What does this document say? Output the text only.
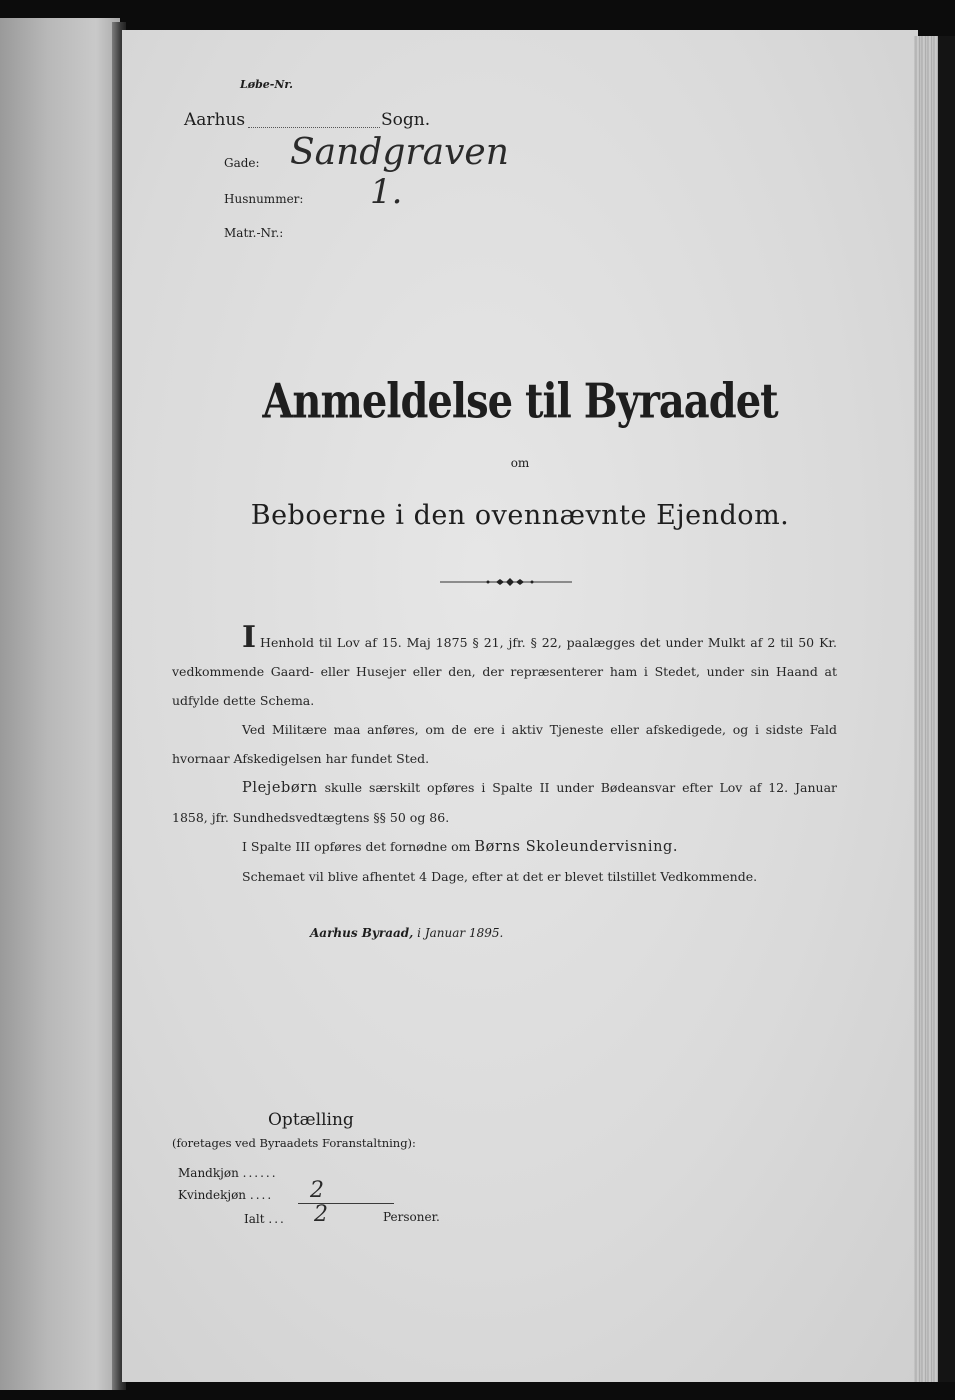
Løbe-Nr.
Aarhus	Sogn.
Gade: Sandgraven
Husnummer: 1.
Matr.-Nr.:
Anmeldelse til Byraadet
om
Beboerne i den ovennævnte Ejendom.

I Henhold til Lov af 15. Maj 1875 § 21, jfr. § 22, paalægges det under Mulkt af 2 til 50 Kr. vedkommende Gaard- eller Husejer eller den, der repræsenterer ham i Stedet, under sin Haand at udfylde dette Schema.

Ved Militære maa anføres, om de ere i aktiv Tjeneste eller afskedigede, og i sidste Fald hvornaar Afskedigelsen har fundet Sted.

Plejebørn skulle særskilt opføres i Spalte II under Bødeansvar efter Lov af 12. Januar 1858, jfr. Sundhedsvedtægtens §§ 50 og 86.

I Spalte III opføres det fornødne om Børns Skoleundervisning.

Schemaet vil blive afhentet 4 Dage, efter at det er blevet tilstillet Vedkommende.

Aarhus Byraad, i Januar 1895.
Optælling
(foretages ved Byraadets Foranstaltning):
Mandkjøn ......
Kvindekjøn .... 2
Ialt ... 2	Personer.
